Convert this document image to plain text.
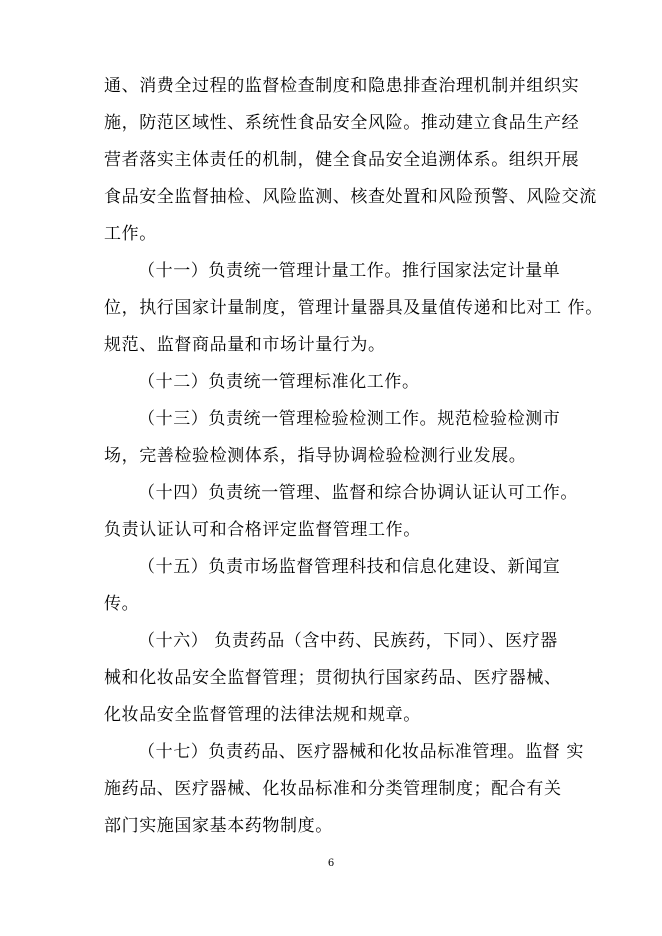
通、消费全过程的监督检查制度和隐患排查治理机制并组织实
施，防范区域性、系统性食品安全风险。推动建立食品生产经
营者落实主体责任的机制，健全食品安全追溯体系。组织开展
食品安全监督抽检、风险监测、核查处置和风险预警、风险交流
工作。
（十一）负责统一管理计量工作。推行国家法定计量单
位，执行国家计量制度，管理计量器具及量值传递和比对工 作。
规范、监督商品量和市场计量行为。
（十二）负责统一管理标准化工作。
（十三）负责统一管理检验检测工作。规范检验检测市
场，完善检验检测体系，指导协调检验检测行业发展。
（十四）负责统一管理、监督和综合协调认证认可工作。
负责认证认可和合格评定监督管理工作。
（十五）负责市场监督管理科技和信息化建设、新闻宣
传。
（十六） 负责药品（含中药、民族药，下同）、医疗器
械和化妆品安全监督管理；贯彻执行国家药品、医疗器械、
化妆品安全监督管理的法律法规和规章。
（十七）负责药品、医疗器械和化妆品标准管理。监督 实
施药品、医疗器械、化妆品标准和分类管理制度；配合有关
部门实施国家基本药物制度。
6
